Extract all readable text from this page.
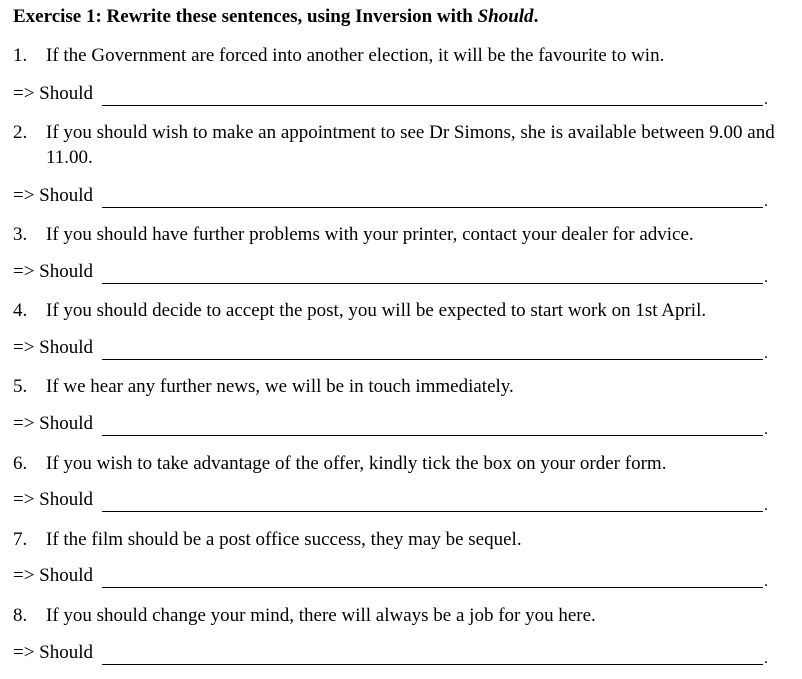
Exercise 1: Rewrite these sentences, using Inversion with Should.
1. If the Government are forced into another election, it will be the favourite to win.
=> Should	.
2. If you should wish to make an appointment to see Dr Simons, she is available between 9.00 and 11.00.
=> Should	.
3. If you should have further problems with your printer, contact your dealer for advice.
=> Should	.
4. If you should decide to accept the post, you will be expected to start work on 1st April.
=> Should	.
5. If we hear any further news, we will be in touch immediately.
=> Should	.
6. If you wish to take advantage of the offer, kindly tick the box on your order form.
=> Should	.
7. If the film should be a post office success, they may be sequel.
=> Should	.
8. If you should change your mind, there will always be a job for you here.
=> Should	.
